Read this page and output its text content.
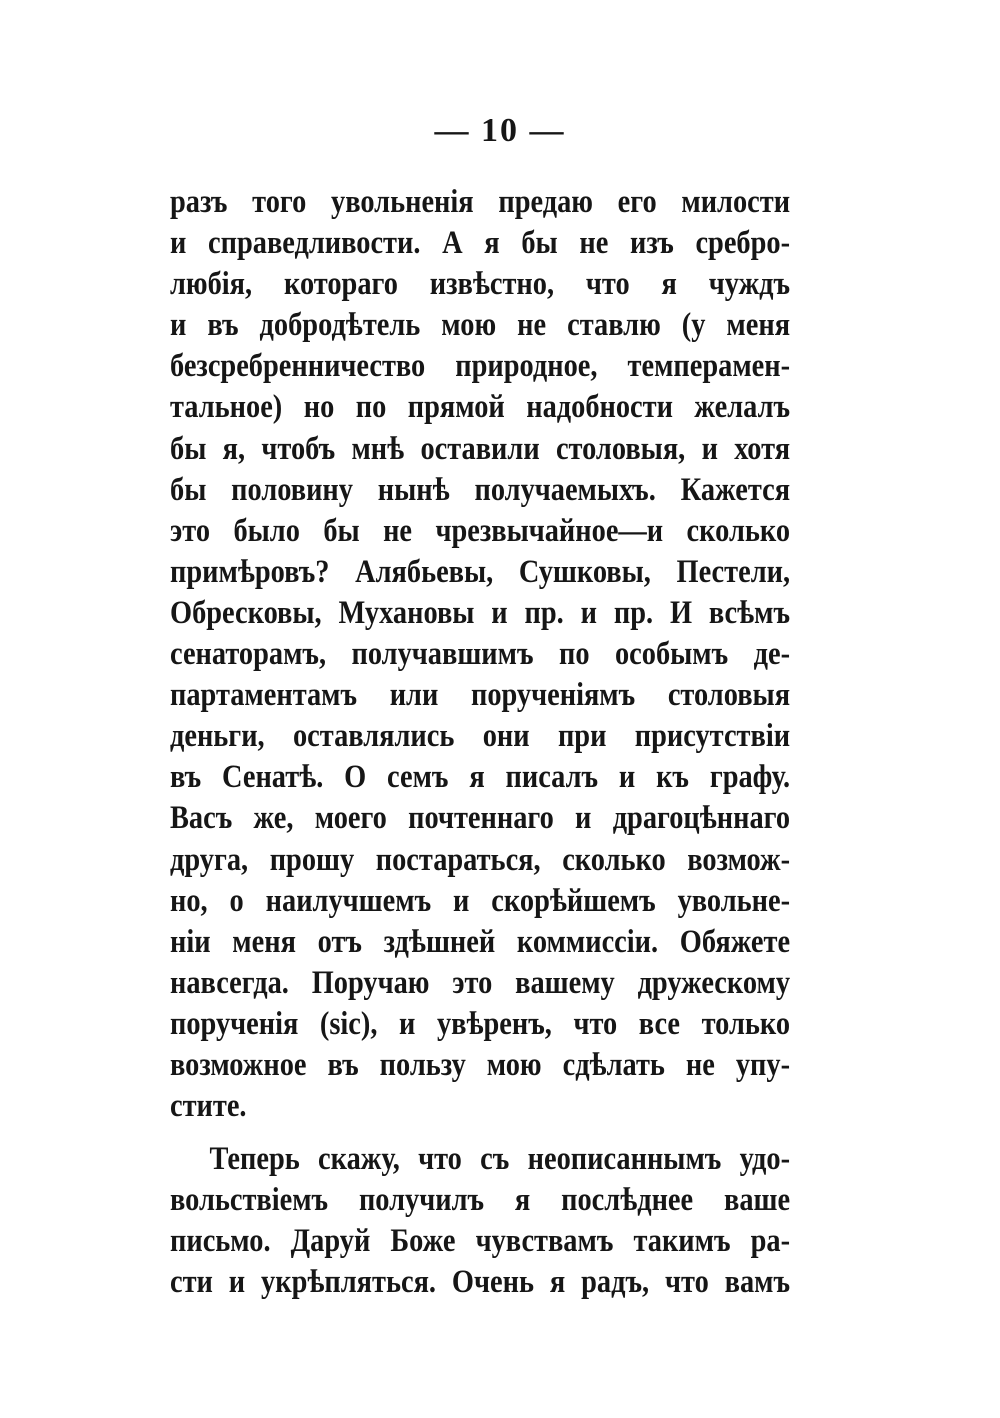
— 10 —
разъ того увольненія предаю его милости
и справедливости. А я бы не изъ сребро-
любія, котораго извѣстно, что я чуждъ
и въ добродѣтель мою не ставлю (у меня
безсребренничество природное, темперамен-
тальное) но по прямой надобности желалъ
бы я, чтобъ мнѣ оставили столовыя, и хотя
бы половину нынѣ получаемыхъ. Кажется
это было бы не чрезвычайное—и сколько
примѣровъ? Алябьевы, Сушковы, Пестели,
Обресковы, Мухановы и пр. и пр. И всѣмъ
сенаторамъ, получавшимъ по особымъ де-
партаментамъ или порученіямъ столовыя
деньги, оставлялись они при присутствіи
въ Сенатѣ. О семъ я писалъ и къ графу.
Васъ же, моего почтеннаго и драгоцѣннаго
друга, прошу постараться, сколько возмож-
но, о наилучшемъ и скорѣйшемъ увольне-
ніи меня отъ здѣшней коммиссіи. Обяжете
навсегда. Поручаю это вашему дружескому
порученія (sic), и увѣренъ, что все только
возможное въ пользу мою сдѣлать не упу-
стите.
Теперь скажу, что съ неописаннымъ удо-
вольствіемъ получилъ я послѣднее ваше
письмо. Даруй Боже чувствамъ такимъ ра-
сти и укрѣпляться. Очень я радъ, что вамъ
